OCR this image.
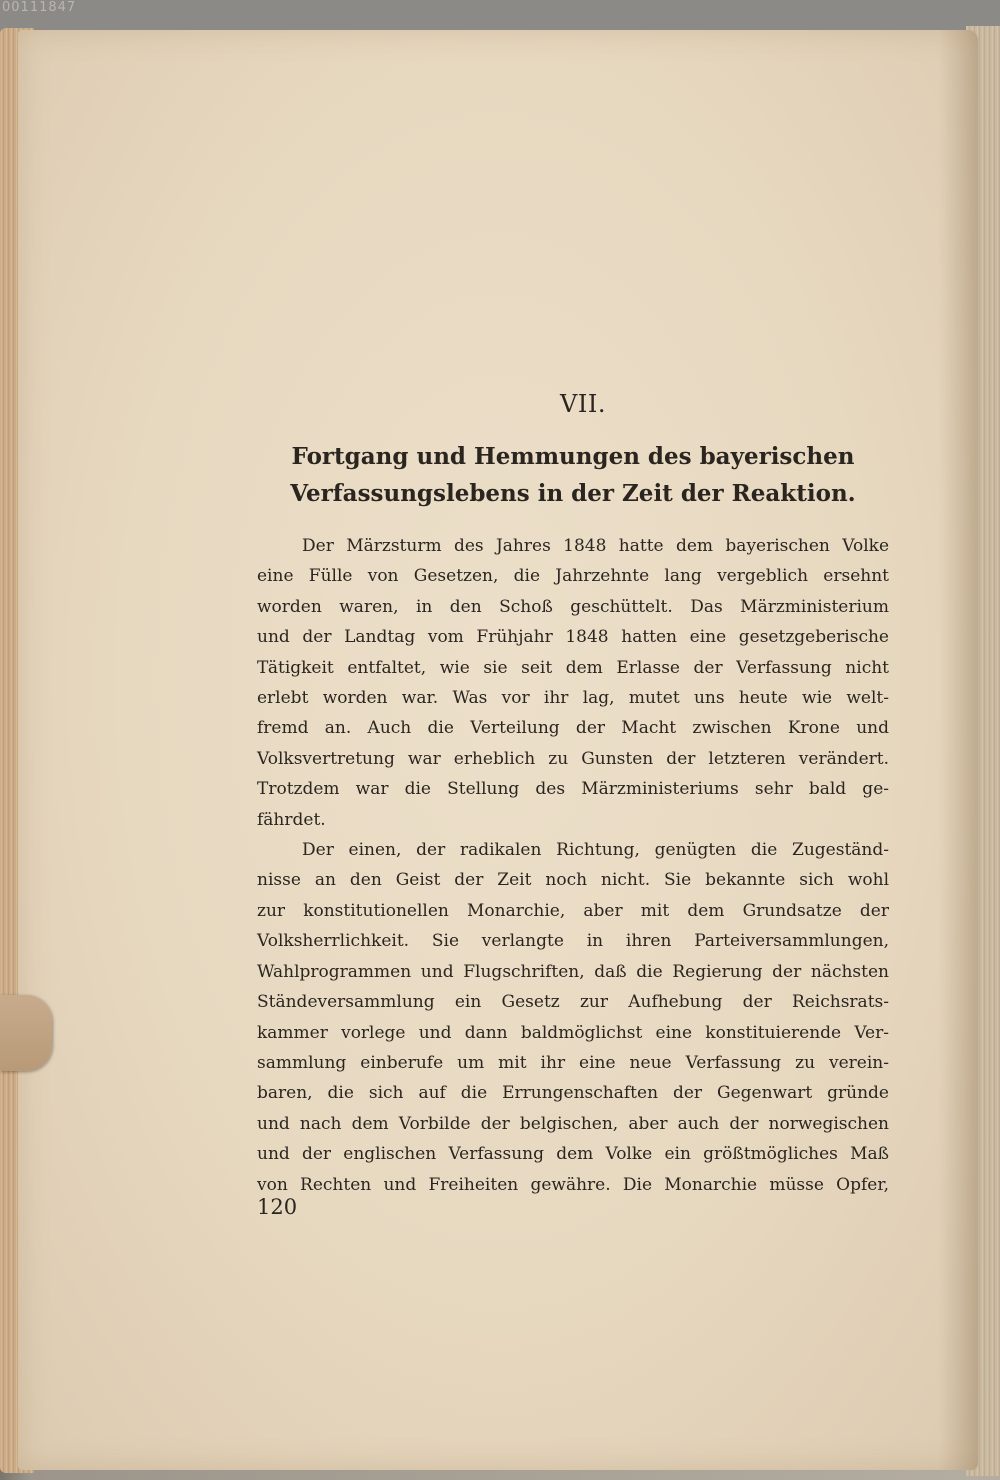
00111847
VII.
Fortgang und Hemmungen des bayerischen
Verfassungslebens in der Zeit der Reaktion.

Der Märzsturm des Jahres 1848 hatte dem bayerischen Volke
eine Fülle von Gesetzen, die Jahrzehnte lang vergeblich ersehnt
worden waren, in den Schoß geschüttelt. Das Märzministerium
und der Landtag vom Frühjahr 1848 hatten eine gesetzgeberische
Tätigkeit entfaltet, wie sie seit dem Erlasse der Verfassung nicht
erlebt worden war. Was vor ihr lag, mutet uns heute wie welt-
fremd an. Auch die Verteilung der Macht zwischen Krone und
Volksvertretung war erheblich zu Gunsten der letzteren verändert.
Trotzdem war die Stellung des Märzministeriums sehr bald ge-
fährdet.

Der einen, der radikalen Richtung, genügten die Zugeständ-
nisse an den Geist der Zeit noch nicht. Sie bekannte sich wohl
zur konstitutionellen Monarchie, aber mit dem Grundsatze der
Volksherrlichkeit. Sie verlangte in ihren Parteiversammlungen,
Wahlprogrammen und Flugschriften, daß die Regierung der nächsten
Ständeversammlung ein Gesetz zur Aufhebung der Reichsrats-
kammer vorlege und dann baldmöglichst eine konstituierende Ver-
sammlung einberufe um mit ihr eine neue Verfassung zu verein-
baren, die sich auf die Errungenschaften der Gegenwart gründe
und nach dem Vorbilde der belgischen, aber auch der norwegischen
und der englischen Verfassung dem Volke ein größtmögliches Maß
von Rechten und Freiheiten gewähre. Die Monarchie müsse Opfer,

120
